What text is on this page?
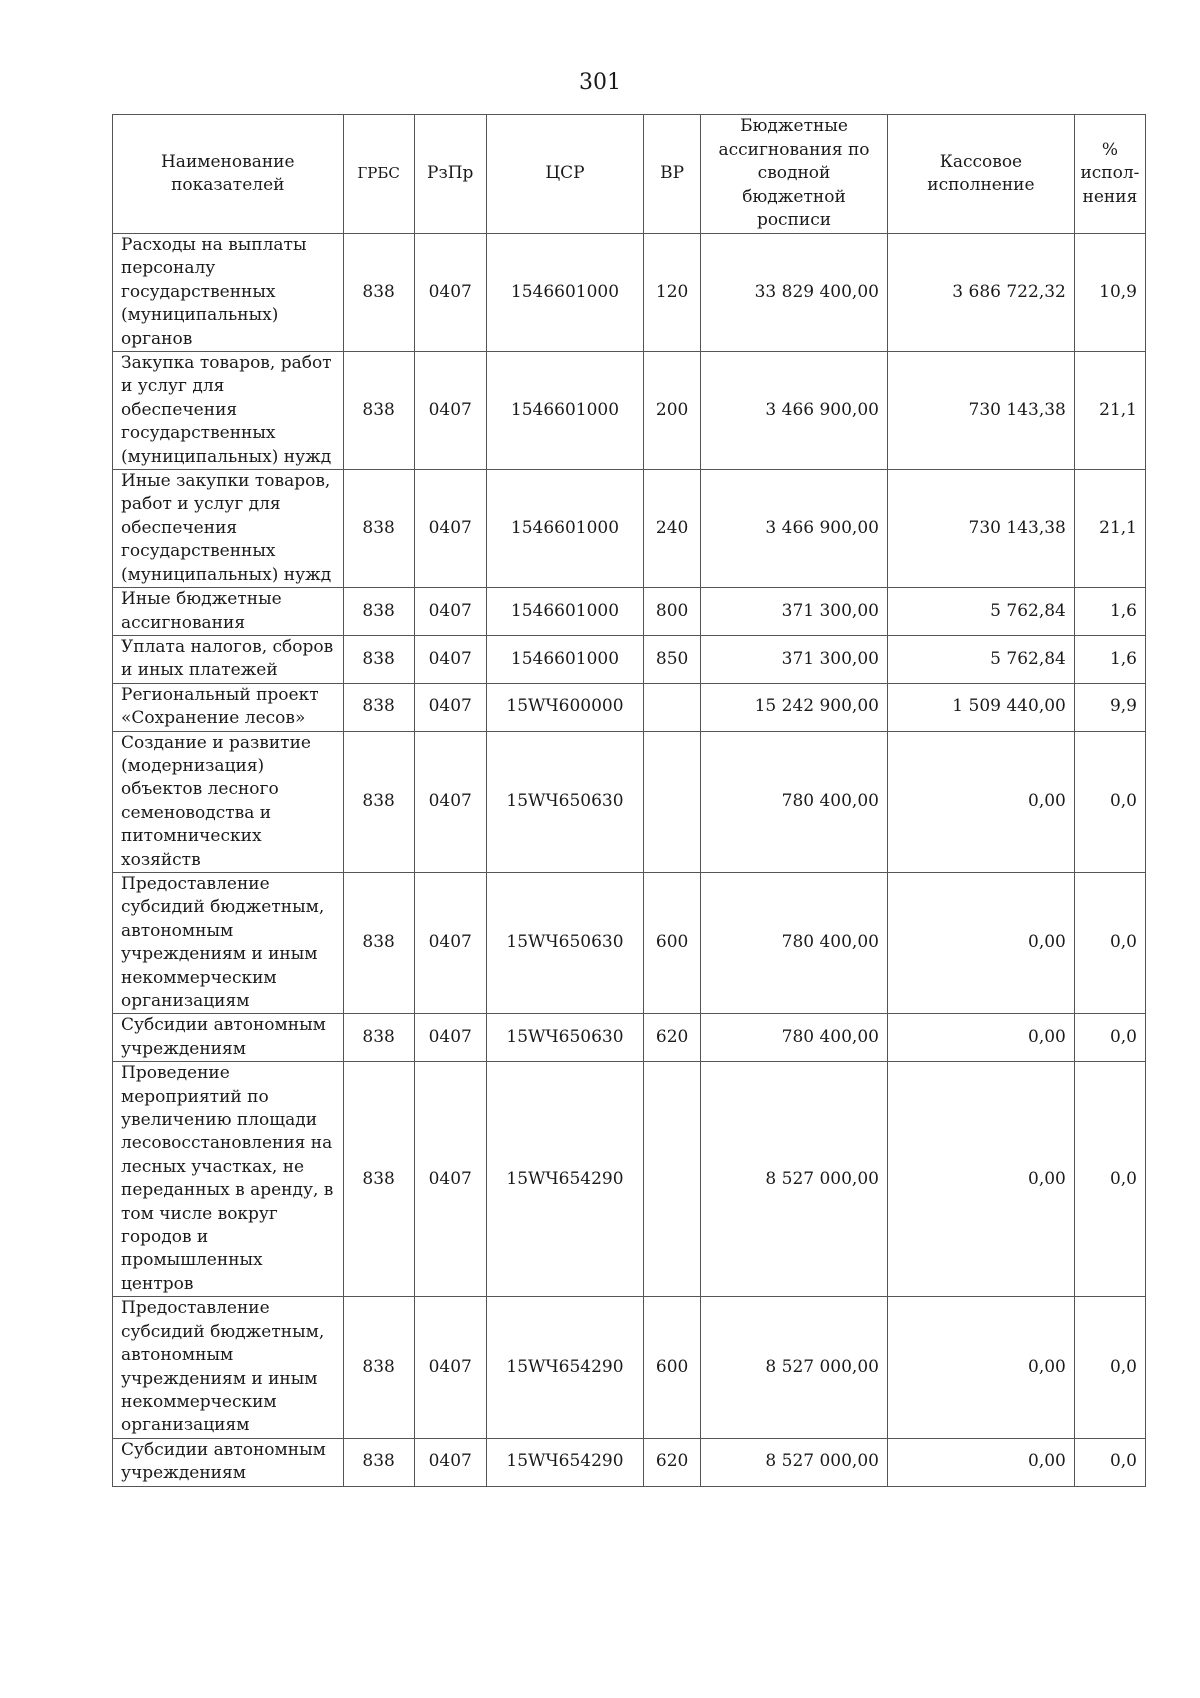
301
Наименование показателей	ГРБС	РзПр	ЦСР	ВР	Бюджетные ассигнования по сводной бюджетной росписи	Кассовое исполнение	% испол-нения
Расходы на выплаты персоналу государственных (муниципальных) органов	838	0407	1546601000	120	33 829 400,00	3 686 722,32	10,9
Закупка товаров, работ и услуг для обеспечения государственных (муниципальных) нужд	838	0407	1546601000	200	3 466 900,00	730 143,38	21,1
Иные закупки товаров, работ и услуг для обеспечения государственных (муниципальных) нужд	838	0407	1546601000	240	3 466 900,00	730 143,38	21,1
Иные бюджетные ассигнования	838	0407	1546601000	800	371 300,00	5 762,84	1,6
Уплата налогов, сборов и иных платежей	838	0407	1546601000	850	371 300,00	5 762,84	1,6
Региональный проект «Сохранение лесов»	838	0407	15WЧ600000		15 242 900,00	1 509 440,00	9,9
Создание и развитие (модернизация) объектов лесного семеноводства и питомнических хозяйств	838	0407	15WЧ650630		780 400,00	0,00	0,0
Предоставление субсидий бюджетным, автономным учреждениям и иным некоммерческим организациям	838	0407	15WЧ650630	600	780 400,00	0,00	0,0
Субсидии автономным учреждениям	838	0407	15WЧ650630	620	780 400,00	0,00	0,0
Проведение мероприятий по увеличению площади лесовосстановления на лесных участках, не переданных в аренду, в том числе вокруг городов и промышленных центров	838	0407	15WЧ654290		8 527 000,00	0,00	0,0
Предоставление субсидий бюджетным, автономным учреждениям и иным некоммерческим организациям	838	0407	15WЧ654290	600	8 527 000,00	0,00	0,0
Субсидии автономным учреждениям	838	0407	15WЧ654290	620	8 527 000,00	0,00	0,0
